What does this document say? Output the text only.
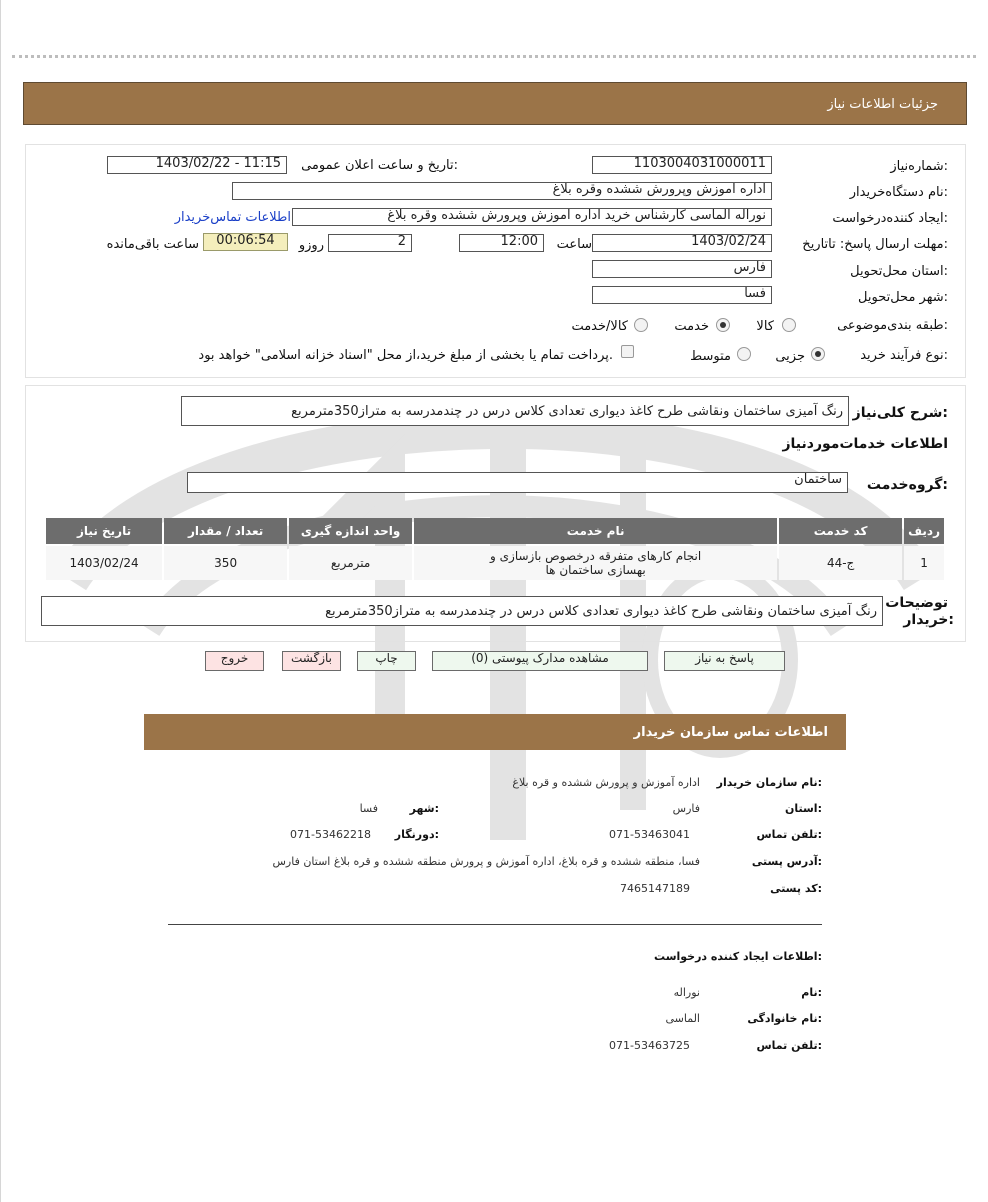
جزئیات اطلاعات نیاز
شماره‌نیاز:
1103004031000011
تاریخ و ساعت اعلان عمومی:
1403/02/22 - 11:15
نام دستگاه‌خریدار:
اداره آموزش وپرورش ششده وقره بلاغ
ایجاد کننده‌درخواست:
نوراله الماسی کارشناس خرید اداره آموزش وپرورش ششده وقره بلاغ
اطلاعات تماس‌خریدار
مهلت ارسال پاسخ: تاتاریخ:
1403/02/24
ساعت
12:00
2
روزو
00:06:54
ساعت باقی‌مانده
استان محل‌تحویل:
فارس
شهر محل‌تحویل:
فسا
طبقه بندی‌موضوعی:
کالا
خدمت
کالا/خدمت
نوع فرآیند خرید:
جزیی
متوسط
پرداخت تمام یا بخشی از مبلغ خرید،از محل "اسناد خزانه اسلامی" خواهد بود.
شرح کلی‌نیاز:
رنگ آمیزی ساختمان ونقاشی طرح کاغذ دیواری تعدادی کلاس درس در چندمدرسه به متراز350مترمربع
اطلاعات خدمات‌مورد‌نیاز
گروه‌خدمت:
ساختمان
ردیف	کد خدمت	نام خدمت	واحد اندازه گیری	تعداد / مقدار	تاریخ نیاز
1	ج-44	انجام کارهای متفرقه درخصوص بازسازی و بهسازی ساختمان ها	مترمربع	350	1403/02/24
توضیحات
خریدار:
رنگ آمیزی ساختمان ونقاشی طرح کاغذ دیواری تعدادی کلاس درس در چندمدرسه به متراز350مترمربع
پاسخ به نیاز
مشاهده مدارک پیوستی (0)
چاپ
بازگشت
خروج
اطلاعات تماس سازمان خریدار
نام سازمان خریدار:
اداره آموزش و پرورش ششده و قره بلاغ
استان:
فارس
شهر:
فسا
تلفن تماس:
071-53463041
دورنگار:
071-53462218
آدرس پستی:
فسا، منطقه ششده و قره بلاغ، اداره آموزش و پرورش منطقه ششده و قره بلاغ استان فارس
کد پستی:
7465147189
اطلاعات ایجاد کننده درخواست:
نام:
نوراله
نام خانوادگی:
الماسی
تلفن تماس:
071-53463725
